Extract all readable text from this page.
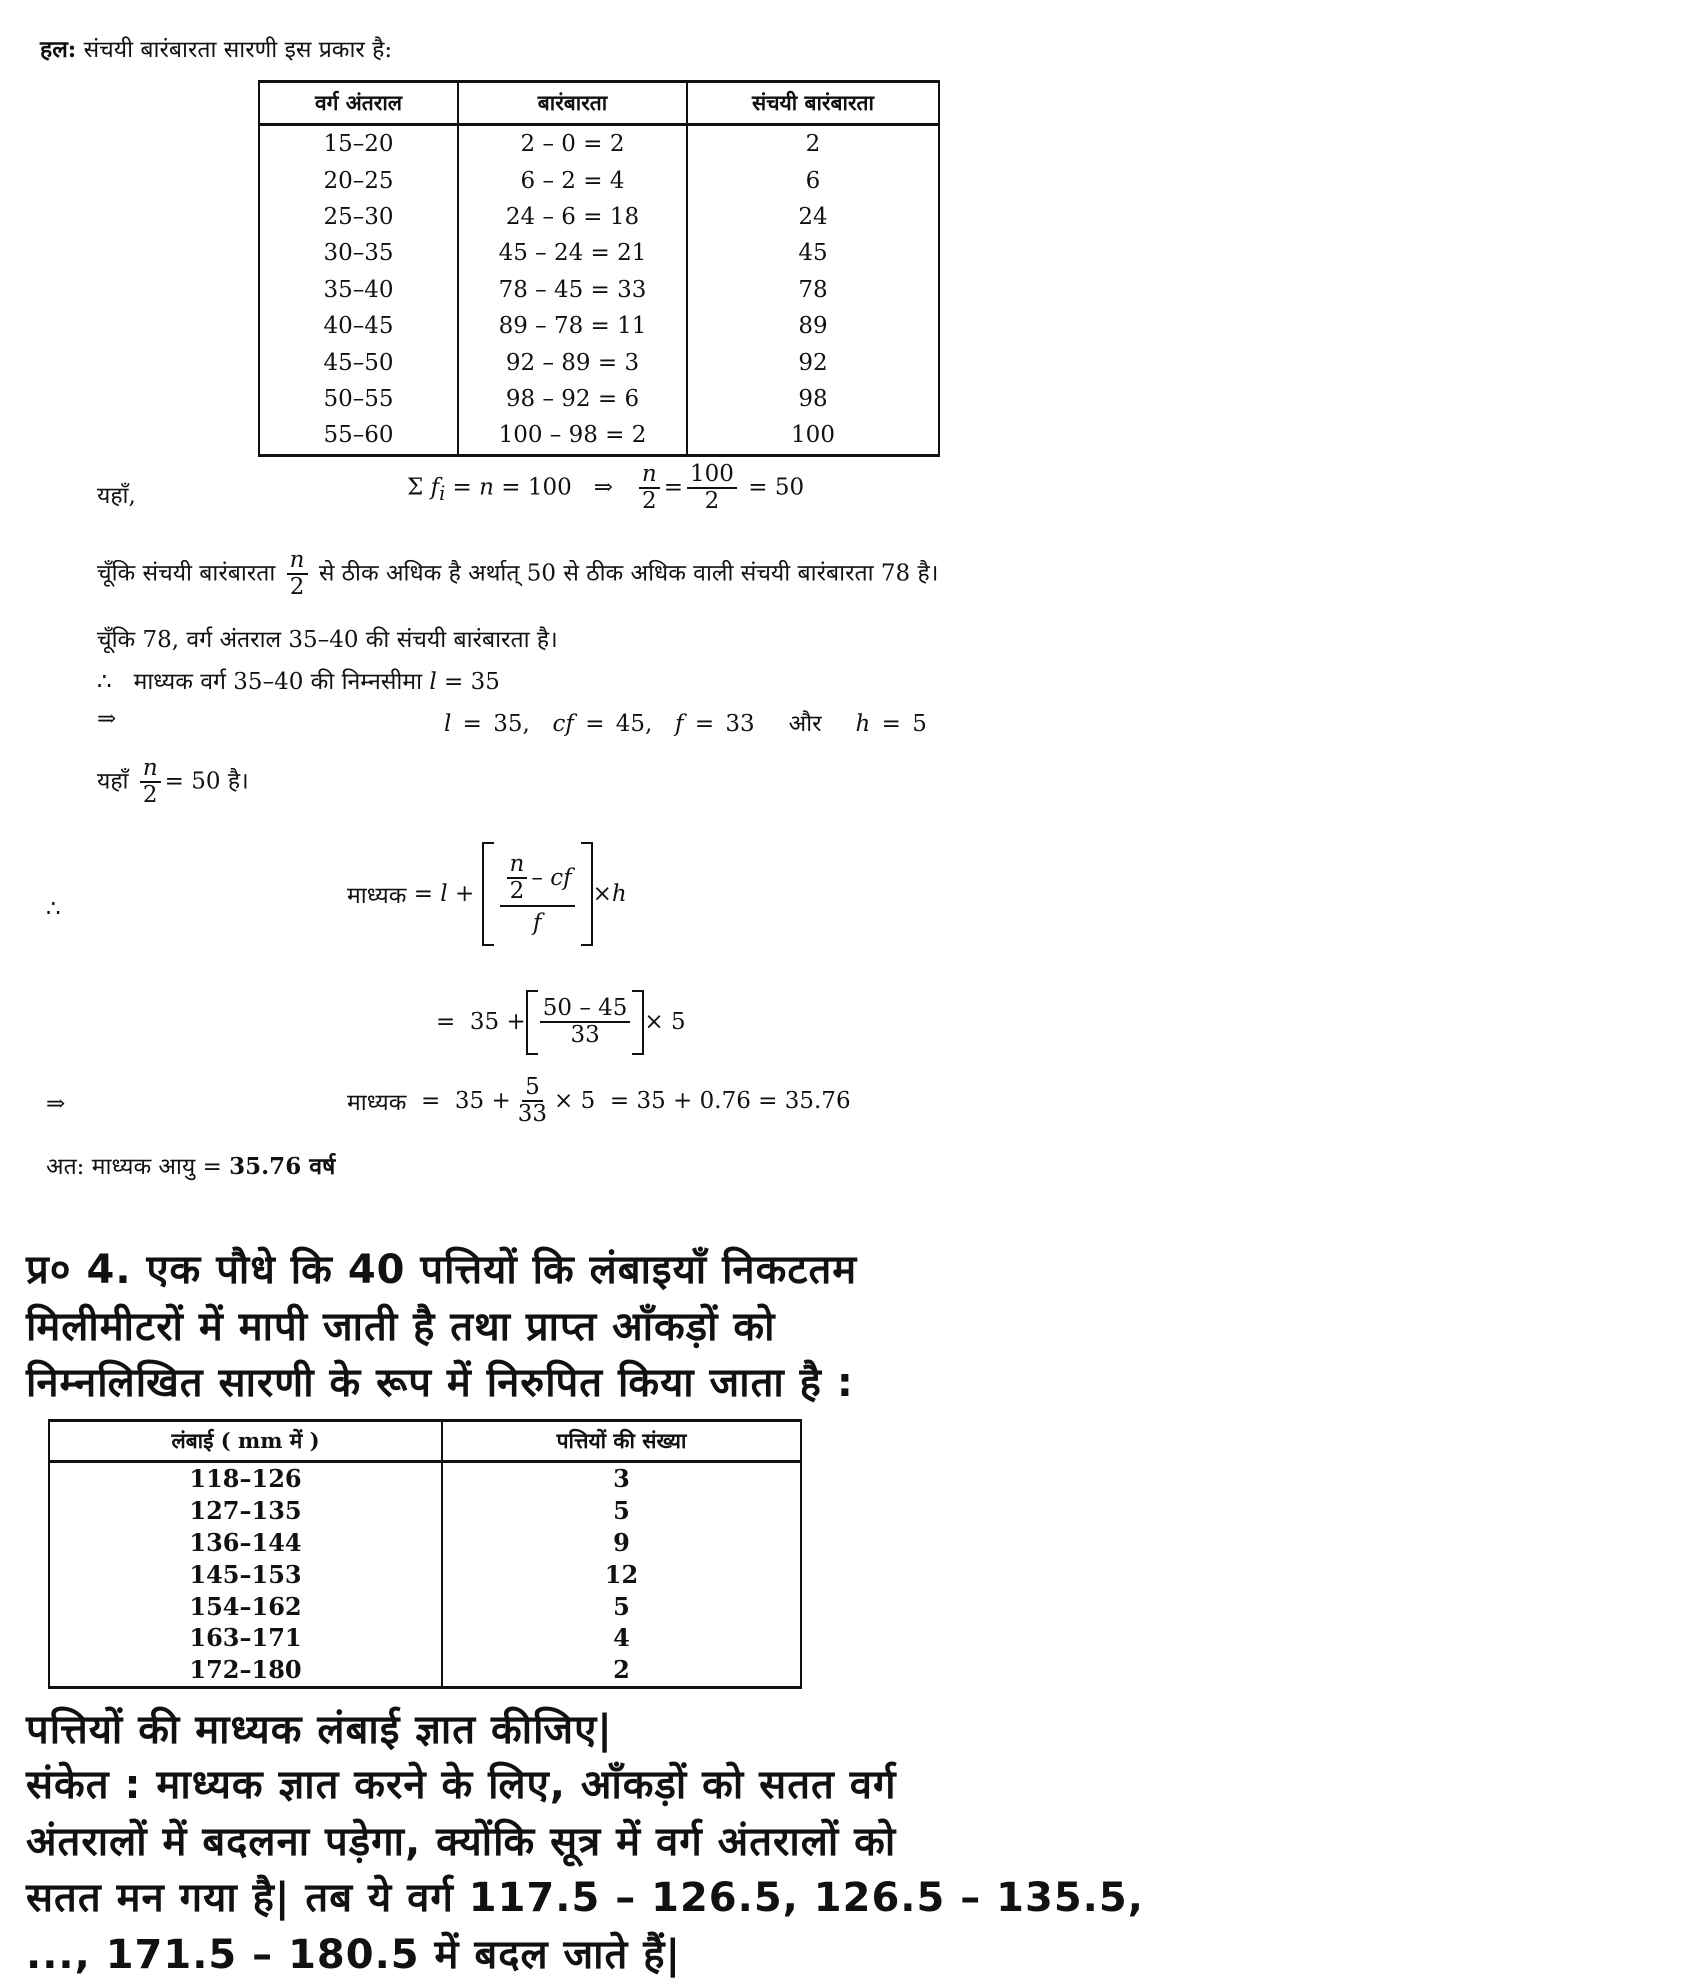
हल: संचयी बारंबारता सारणी इस प्रकार है:
वर्ग अंतराल	बारंबारता	संचयी बारंबारता
15–20	2 – 0 = 2	2
20–25	6 – 2 = 4	6
25–30	24 – 6 = 18	24
30–35	45 – 24 = 21	45
35–40	78 – 45 = 33	78
40–45	89 – 78 = 11	89
45–50	92 – 89 = 3	92
50–55	98 – 92 = 6	98
55–60	100 – 98 = 2	100
यहाँ,	Σ $f_i = n = 100$ ⇒ $\frac{n}{2} = \frac{100}{2} = 50$
चूँकि संचयी बारंबारता $\frac{n}{2}$ से ठीक अधिक है अर्थात् 50 से ठीक अधिक वाली संचयी बारंबारता 78 है।
चूँकि 78, वर्ग अंतराल 35–40 की संचयी बारंबारता है।
∴ माध्यक वर्ग 35–40 की निम्नसीमा l = 35
⇒	l = 35, cf = 45, f = 33 और h = 5
यहाँ $\frac{n}{2} = 50$ है।
∴
माध्यक
=
l
+
$\frac{n}{2}$ –
cf
f × h
=
$35 + \frac{50 - 45}{33} \times 5$
⇒	माध्यक
=
$35 + \frac{5}{33} \times 5 = 35 + 0.76 = 35.76$
अत: माध्यक आयु = 35.76 वर्ष
प्र० 4. एक पौधे कि 40 पत्तियों कि लंबाइयाँ निकटतम
मिलीमीटरों में मापी जाती है तथा प्राप्त आँकड़ों को
निम्नलिखित सारणी के रूप में निरुपित किया जाता है :
लंबाई ( mm में )	पत्तियों की संख्या
118–126	3
127–135	5
136–144	9
145–153	12
154–162	5
163–171	4
172–180	2
पत्तियों की माध्यक लंबाई ज्ञात कीजिए|
संकेत : माध्यक ज्ञात करने के लिए, आँकड़ों को सतत वर्ग
अंतरालों में बदलना पड़ेगा, क्योंकि सूत्र में वर्ग अंतरालों को
सतत मन गया है| तब ये वर्ग 117.5 – 126.5, 126.5 – 135.5,
..., 171.5 – 180.5 में बदल जाते हैं|
